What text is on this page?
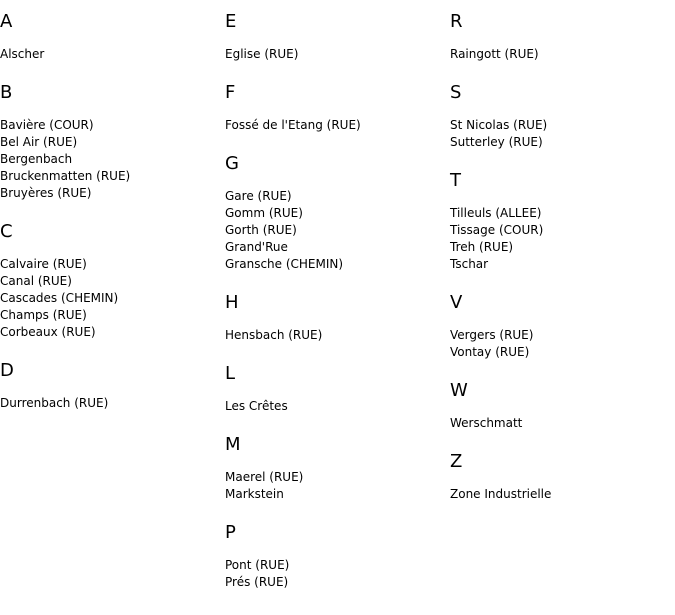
A
Alscher
B
Bavière (COUR)
Bel Air (RUE)
Bergenbach
Bruckenmatten (RUE)
Bruyères (RUE)
C
Calvaire (RUE)
Canal (RUE)
Cascades (CHEMIN)
Champs (RUE)
Corbeaux (RUE)
D
Durrenbach (RUE)
E
Eglise (RUE)
F
Fossé de l'Etang (RUE)
G
Gare (RUE)
Gomm (RUE)
Gorth (RUE)
Grand'Rue
Gransche (CHEMIN)
H
Hensbach (RUE)
L
Les Crêtes
M
Maerel (RUE)
Markstein
P
Pont (RUE)
Prés (RUE)
R
Raingott (RUE)
S
St Nicolas (RUE)
Sutterley (RUE)
T
Tilleuls (ALLEE)
Tissage (COUR)
Treh (RUE)
Tschar
V
Vergers (RUE)
Vontay (RUE)
W
Werschmatt
Z
Zone Industrielle
